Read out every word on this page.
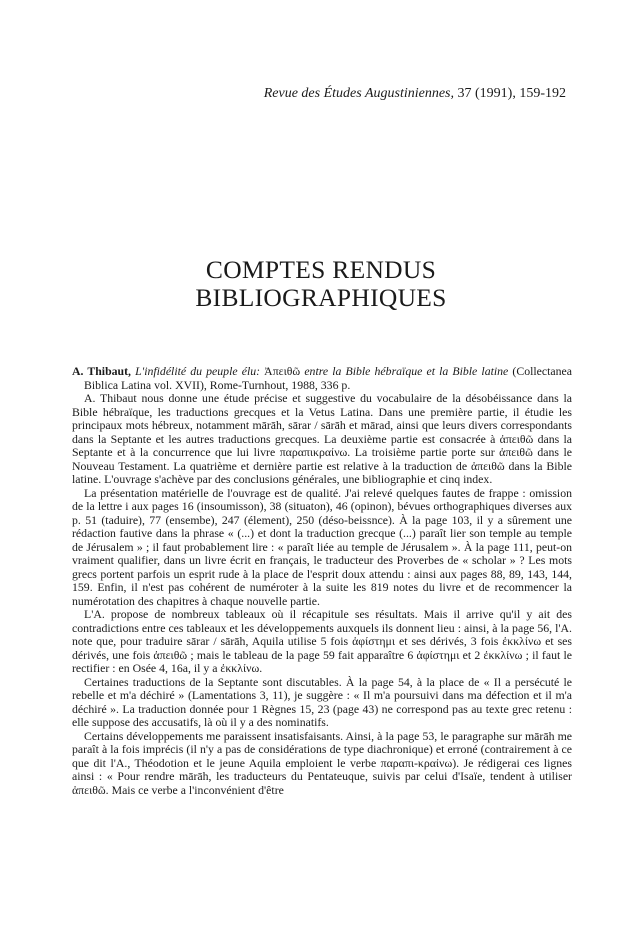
Revue des Études Augustiniennes, 37 (1991), 159-192
COMPTES RENDUS
BIBLIOGRAPHIQUES

A. Thibaut, L'infidélité du peuple élu: Ἀπειθῶ entre la Bible hébraïque et la Bible latine (Collectanea Biblica Latina vol. XVII), Rome-Turnhout, 1988, 336 p.

A. Thibaut nous donne une étude précise et suggestive du vocabulaire de la désobéissance dans la Bible hébraïque, les traductions grecques et la Vetus Latina. Dans une première partie, il étudie les principaux mots hébreux, notamment mārāh, sārar / sārāh et mārad, ainsi que leurs divers correspondants dans la Septante et les autres traductions grecques. La deuxième partie est consacrée à ἀπειθῶ dans la Septante et à la concurrence que lui livre παραπικραίνω. La troisième partie porte sur ἀπειθῶ dans le Nouveau Testament. La quatrième et dernière partie est relative à la traduction de ἀπειθῶ dans la Bible latine. L'ouvrage s'achève par des conclusions générales, une bibliographie et cinq index.

La présentation matérielle de l'ouvrage est de qualité. J'ai relevé quelques fautes de frappe : omission de la lettre i aux pages 16 (insoumisson), 38 (situaton), 46 (opinon), bévues orthographiques diverses aux p. 51 (taduire), 77 (ensembe), 247 (élement), 250 (déso-beissnce). À la page 103, il y a sûrement une rédaction fautive dans la phrase « (...) et dont la traduction grecque (...) paraît lier son temple au temple de Jérusalem » ; il faut probablement lire : « paraît liée au temple de Jérusalem ». À la page 111, peut-on vraiment qualifier, dans un livre écrit en français, le traducteur des Proverbes de « scholar » ? Les mots grecs portent parfois un esprit rude à la place de l'esprit doux attendu : ainsi aux pages 88, 89, 143, 144, 159. Enfin, il n'est pas cohérent de numéroter à la suite les 819 notes du livre et de recommencer la numérotation des chapitres à chaque nouvelle partie.

L'A. propose de nombreux tableaux où il récapitule ses résultats. Mais il arrive qu'il y ait des contradictions entre ces tableaux et les développements auxquels ils donnent lieu : ainsi, à la page 56, l'A. note que, pour traduire sārar / sārāh, Aquila utilise 5 fois ἀφίστημι et ses dérivés, 3 fois ἐκκλίνω et ses dérivés, une fois ἀπειθῶ ; mais le tableau de la page 59 fait apparaître 6 ἀφίστημι et 2 ἐκκλίνω ; il faut le rectifier : en Osée 4, 16a, il y a ἐκκλίνω.

Certaines traductions de la Septante sont discutables. À la page 54, à la place de « Il a persécuté le rebelle et m'a déchiré » (Lamentations 3, 11), je suggère : « Il m'a poursuivi dans ma défection et il m'a déchiré ». La traduction donnée pour 1 Règnes 15, 23 (page 43) ne correspond pas au texte grec retenu : elle suppose des accusatifs, là où il y a des nominatifs.

Certains développements me paraissent insatisfaisants. Ainsi, à la page 53, le paragraphe sur mārāh me paraît à la fois imprécis (il n'y a pas de considérations de type diachronique) et erroné (contrairement à ce que dit l'A., Théodotion et le jeune Aquila emploient le verbe παραπι-κραίνω). Je rédigerai ces lignes ainsi : « Pour rendre mārāh, les traducteurs du Pentateuque, suivis par celui d'Isaïe, tendent à utiliser ἀπειθῶ. Mais ce verbe a l'inconvénient d'être
